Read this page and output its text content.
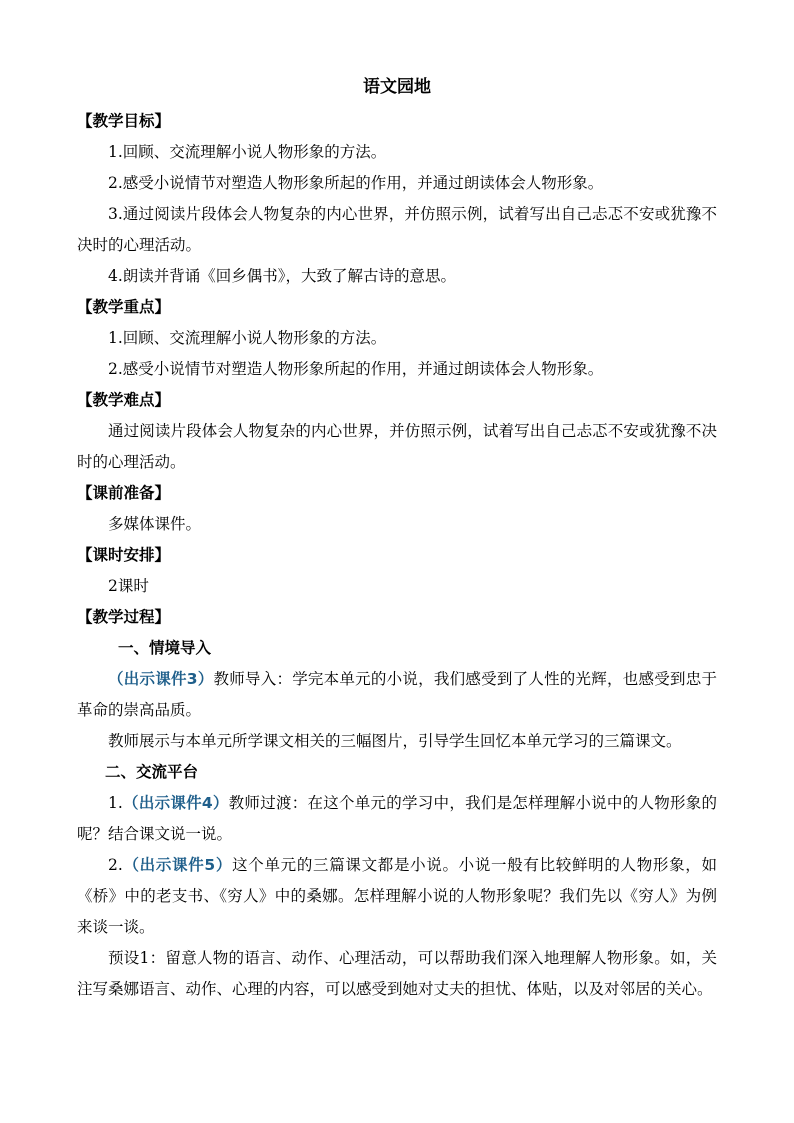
语文园地
【教学目标】
1.回顾、交流理解小说人物形象的方法。
2.感受小说情节对塑造人物形象所起的作用，并通过朗读体会人物形象。
3.通过阅读片段体会人物复杂的内心世界，并仿照示例，试着写出自己忐忑不安或犹豫不决时的心理活动。
4.朗读并背诵《回乡偶书》，大致了解古诗的意思。
【教学重点】
1.回顾、交流理解小说人物形象的方法。
2.感受小说情节对塑造人物形象所起的作用，并通过朗读体会人物形象。
【教学难点】
通过阅读片段体会人物复杂的内心世界，并仿照示例，试着写出自己忐忑不安或犹豫不决时的心理活动。
【课前准备】
多媒体课件。
【课时安排】
2课时
【教学过程】
一、情境导入
（出示课件3）教师导入：学完本单元的小说，我们感受到了人性的光辉，也感受到忠于革命的崇高品质。
教师展示与本单元所学课文相关的三幅图片，引导学生回忆本单元学习的三篇课文。
二、交流平台
1.（出示课件4）教师过渡：在这个单元的学习中，我们是怎样理解小说中的人物形象的呢？结合课文说一说。
2.（出示课件5）这个单元的三篇课文都是小说。小说一般有比较鲜明的人物形象，如《桥》中的老支书、《穷人》中的桑娜。怎样理解小说的人物形象呢？我们先以《穷人》为例来谈一谈。
预设1：留意人物的语言、动作、心理活动，可以帮助我们深入地理解人物形象。如，关注写桑娜语言、动作、心理的内容，可以感受到她对丈夫的担忧、体贴，以及对邻居的关心。
